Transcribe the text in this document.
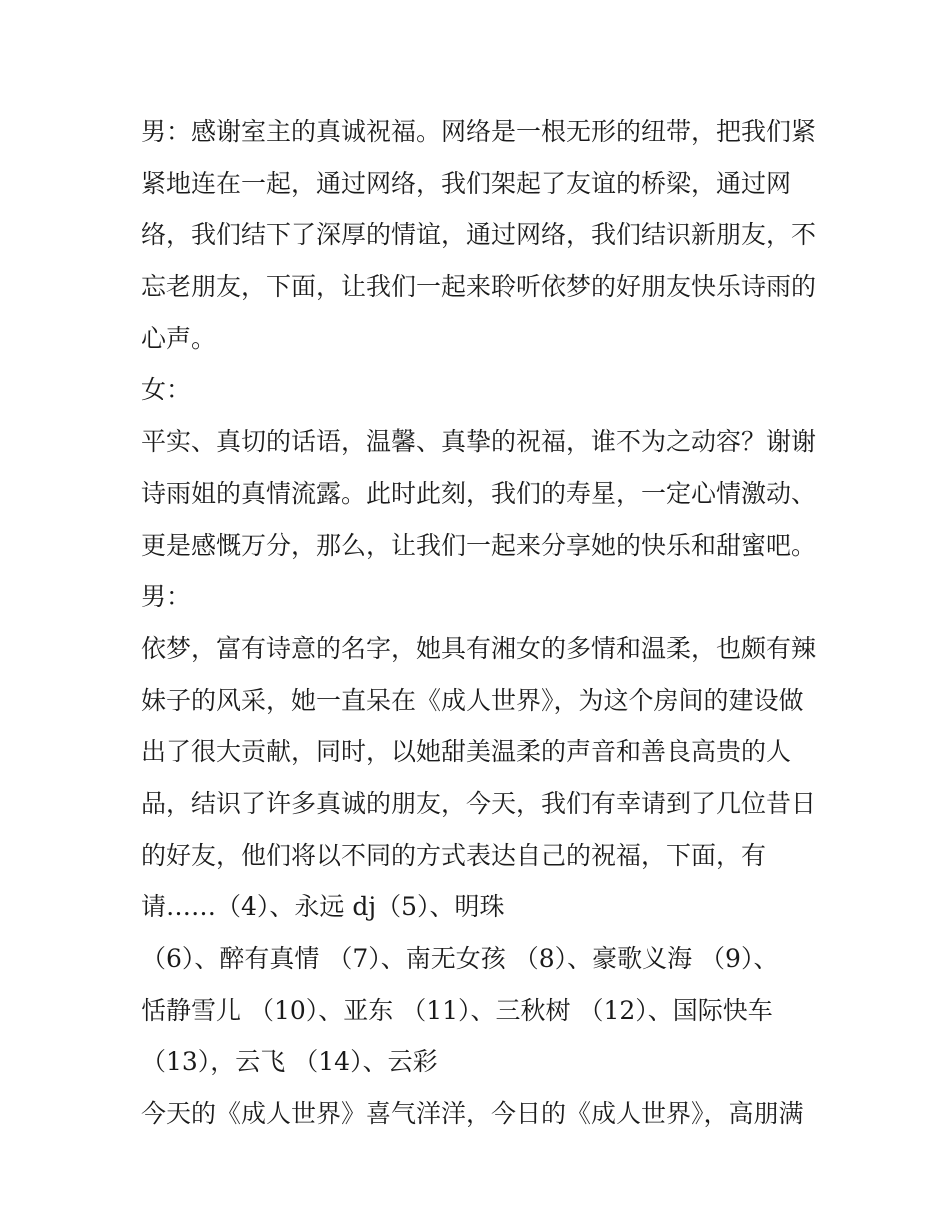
男：感谢室主的真诚祝福。网络是一根无形的纽带，把我们紧
紧地连在一起，通过网络，我们架起了友谊的桥梁，通过网
络，我们结下了深厚的情谊，通过网络，我们结识新朋友，不
忘老朋友，下面，让我们一起来聆听依梦的好朋友快乐诗雨的
心声。
女：
平实、真切的话语，温馨、真挚的祝福，谁不为之动容？谢谢
诗雨姐的真情流露。此时此刻，我们的寿星，一定心情激动、
更是感慨万分，那么，让我们一起来分享她的快乐和甜蜜吧。
男：
依梦，富有诗意的名字，她具有湘女的多情和温柔，也颇有辣
妹子的风采，她一直呆在《成人世界》，为这个房间的建设做
出了很大贡献，同时，以她甜美温柔的声音和善良高贵的人
品，结识了许多真诚的朋友，今天，我们有幸请到了几位昔日
的好友，他们将以不同的方式表达自己的祝福，下面，有
请……（4）、永远 dj（5）、明珠
（6）、醉有真情 （7）、南无女孩 （8）、豪歌义海 （9）、
恬静雪儿 （10）、亚东 （11）、三秋树 （12）、国际快车
（13），云飞 （14）、云彩
今天的《成人世界》喜气洋洋，今日的《成人世界》，高朋满
